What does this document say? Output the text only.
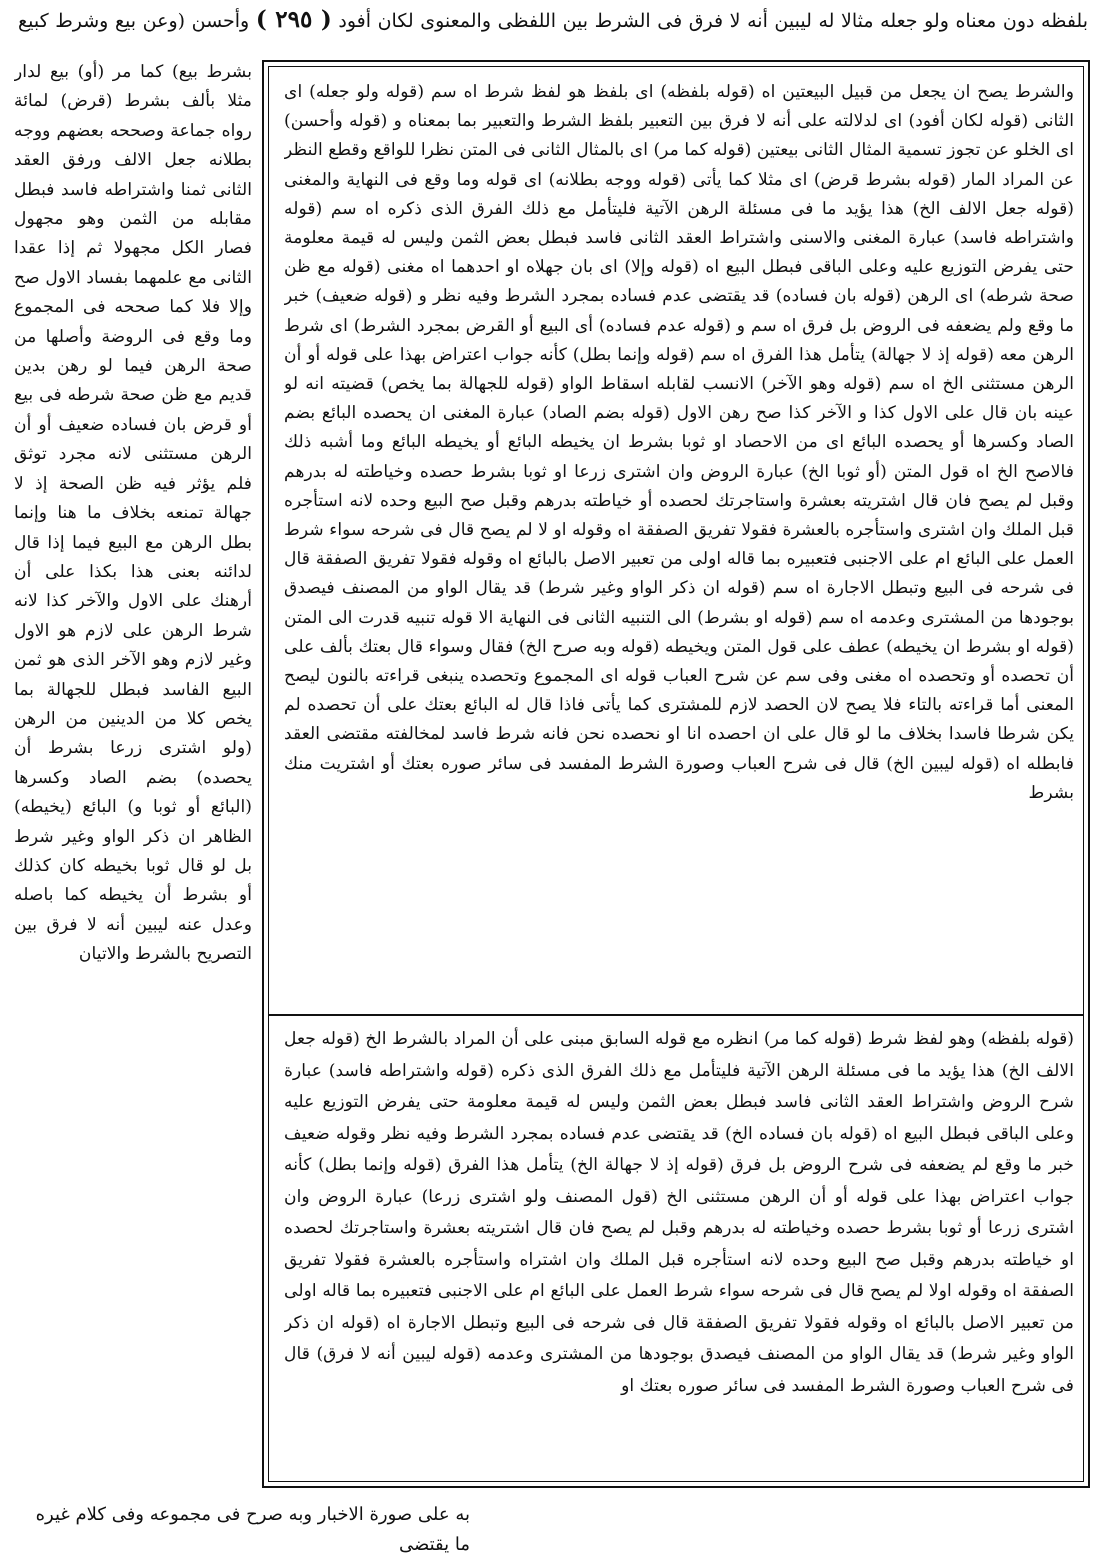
بلفظه دون معناه ولو جعله مثالا له ليبين أنه لا فرق فى الشرط بين اللفظى والمعنوى لكان أفود ( ٢٩٥ ) وأحسن (وعن بيع وشرط كبيع
بشرط بيع) كما مر (أو) بيع لدار مثلا بألف بشرط (قرض) لمائة رواه جماعة وصححه بعضهم ووجه بطلانه جعل الالف ورفق العقد الثانى ثمنا واشتراطه فاسد فبطل مقابله من الثمن وهو مجهول فصار الكل مجهولا ثم إذا عقدا الثانى مع علمهما بفساد الاول صح وإلا فلا كما صححه فى المجموع وما وقع فى الروضة وأصلها من صحة الرهن فيما لو رهن بدين قديم مع ظن صحة شرطه فى بيع أو قرض بان فساده ضعيف أو أن الرهن مستثنى لانه مجرد توثق فلم يؤثر فيه ظن الصحة إذ لا جهالة تمنعه بخلاف ما هنا وإنما بطل الرهن مع البيع فيما إذا قال لدائنه بعنى هذا بكذا على أن أرهنك على الاول والآخر كذا لانه شرط الرهن على لازم هو الاول وغير لازم وهو الآخر الذى هو ثمن البيع الفاسد فبطل للجهالة بما يخص كلا من الدينين من الرهن (ولو اشترى زرعا بشرط أن يحصده) بضم الصاد وكسرها (البائع أو ثوبا و) البائع (يخيطه) الظاهر ان ذكر الواو وغير شرط بل لو قال ثوبا بخيطه كان كذلك أو بشرط أن يخيطه كما باصله وعدل عنه ليبين أنه لا فرق بين التصريح بالشرط والاتيان
والشرط يصح ان يجعل من قبيل البيعتين اه (قوله بلفظه) اى بلفظ هو لفظ شرط اه سم (قوله ولو جعله) اى الثانى (قوله لكان أفود) اى لدلالته على أنه لا فرق بين التعبير بلفظ الشرط والتعبير بما بمعناه و (قوله وأحسن) اى الخلو عن تجوز تسمية المثال الثانى بيعتين (قوله كما مر) اى بالمثال الثانى فى المتن نظرا للواقع وقطع النظر عن المراد المار (قوله بشرط قرض) اى مثلا كما يأتى (قوله ووجه بطلانه) اى قوله وما وقع فى النهاية والمغنى (قوله جعل الالف الخ) هذا يؤيد ما فى مسئلة الرهن الآتية فليتأمل مع ذلك الفرق الذى ذكره اه سم (قوله واشتراطه فاسد) عبارة المغنى والاسنى واشتراط العقد الثانى فاسد فبطل بعض الثمن وليس له قيمة معلومة حتى يفرض التوزيع عليه وعلى الباقى فبطل البيع اه (قوله وإلا) اى بان جهلاه او احدهما اه مغنى (قوله مع ظن صحة شرطه) اى الرهن (قوله بان فساده) قد يقتضى عدم فساده بمجرد الشرط وفيه نظر و (قوله ضعيف) خبر ما وقع ولم يضعفه فى الروض بل فرق اه سم و (قوله عدم فساده) أى البيع أو القرض بمجرد الشرط) اى شرط الرهن معه (قوله إذ لا جهالة) يتأمل هذا الفرق اه سم (قوله وإنما بطل) كأنه جواب اعتراض بهذا على قوله أو أن الرهن مستثنى الخ اه سم (قوله وهو الآخر) الانسب لقابله اسقاط الواو (قوله للجهالة بما يخص) قضيته انه لو عينه بان قال على الاول كذا و الآخر كذا صح رهن الاول (قوله بضم الصاد) عبارة المغنى ان يحصده البائع بضم الصاد وكسرها أو يحصده البائع اى من الاحصاد او ثوبا بشرط ان يخيطه البائع أو يخيطه البائع وما أشبه ذلك فالاصح الخ اه قول المتن (أو ثوبا الخ) عبارة الروض وان اشترى زرعا او ثوبا بشرط حصده وخياطته له بدرهم وقبل لم يصح فان قال اشتريته بعشرة واستاجرتك لحصده أو خياطته بدرهم وقبل صح البيع وحده لانه استأجره قبل الملك وان اشترى واستأجره بالعشرة فقولا تفريق الصفقة اه وقوله او لا لم يصح قال فى شرحه سواء شرط العمل على البائع ام على الاجنبى فتعبيره بما قاله اولى من تعبير الاصل بالبائع اه وقوله فقولا تفريق الصفقة قال فى شرحه فى البيع وتبطل الاجارة اه سم (قوله ان ذكر الواو وغير شرط) قد يقال الواو من المصنف فيصدق بوجودها من المشترى وعدمه اه سم (قوله او بشرط) الى التنبيه الثانى فى النهاية الا قوله تنبيه قدرت الى المتن (قوله او بشرط ان يخيطه) عطف على قول المتن ويخيطه (قوله وبه صرح الخ) فقال وسواء قال بعتك بألف على أن تحصده أو وتحصده اه مغنى وفى سم عن شرح العباب قوله اى المجموع وتحصده ينبغى قراءته بالنون ليصح المعنى أما قراءته بالتاء فلا يصح لان الحصد لازم للمشترى كما يأتى فاذا قال له البائع بعتك على أن تحصده لم يكن شرطا فاسدا بخلاف ما لو قال على ان احصده انا او نحصده نحن فانه شرط فاسد لمخالفته مقتضى العقد فابطله اه (قوله ليبين الخ) قال فى شرح العباب وصورة الشرط المفسد فى سائر صوره بعتك أو اشتريت منك بشرط
(قوله بلفظه) وهو لفظ شرط (قوله كما مر) انظره مع قوله السابق مبنى على أن المراد بالشرط الخ (قوله جعل الالف الخ) هذا يؤيد ما فى مسئلة الرهن الآتية فليتأمل مع ذلك الفرق الذى ذكره (قوله واشتراطه فاسد) عبارة شرح الروض واشتراط العقد الثانى فاسد فبطل بعض الثمن وليس له قيمة معلومة حتى يفرض التوزيع عليه وعلى الباقى فبطل البيع اه (قوله بان فساده الخ) قد يقتضى عدم فساده بمجرد الشرط وفيه نظر وقوله ضعيف خبر ما وقع لم يضعفه فى شرح الروض بل فرق (قوله إذ لا جهالة الخ) يتأمل هذا الفرق (قوله وإنما بطل) كأنه جواب اعتراض بهذا على قوله أو أن الرهن مستثنى الخ (قول المصنف ولو اشترى زرعا) عبارة الروض وان اشترى زرعا أو ثوبا بشرط حصده وخياطته له بدرهم وقبل لم يصح فان قال اشتريته بعشرة واستاجرتك لحصده او خياطته بدرهم وقبل صح البيع وحده لانه استأجره قبل الملك وان اشتراه واستأجره بالعشرة فقولا تفريق الصفقة اه وقوله اولا لم يصح قال فى شرحه سواء شرط العمل على البائع ام على الاجنبى فتعبيره بما قاله اولى من تعبير الاصل بالبائع اه وقوله فقولا تفريق الصفقة قال فى شرحه فى البيع وتبطل الاجارة اه (قوله ان ذكر الواو وغير شرط) قد يقال الواو من المصنف فيصدق بوجودها من المشترى وعدمه (قوله ليبين أنه لا فرق) قال فى شرح العباب وصورة الشرط المفسد فى سائر صوره بعتك او
به على صورة الاخبار وبه صرح فى مجموعه وفى كلام غيره ما يقتضى
